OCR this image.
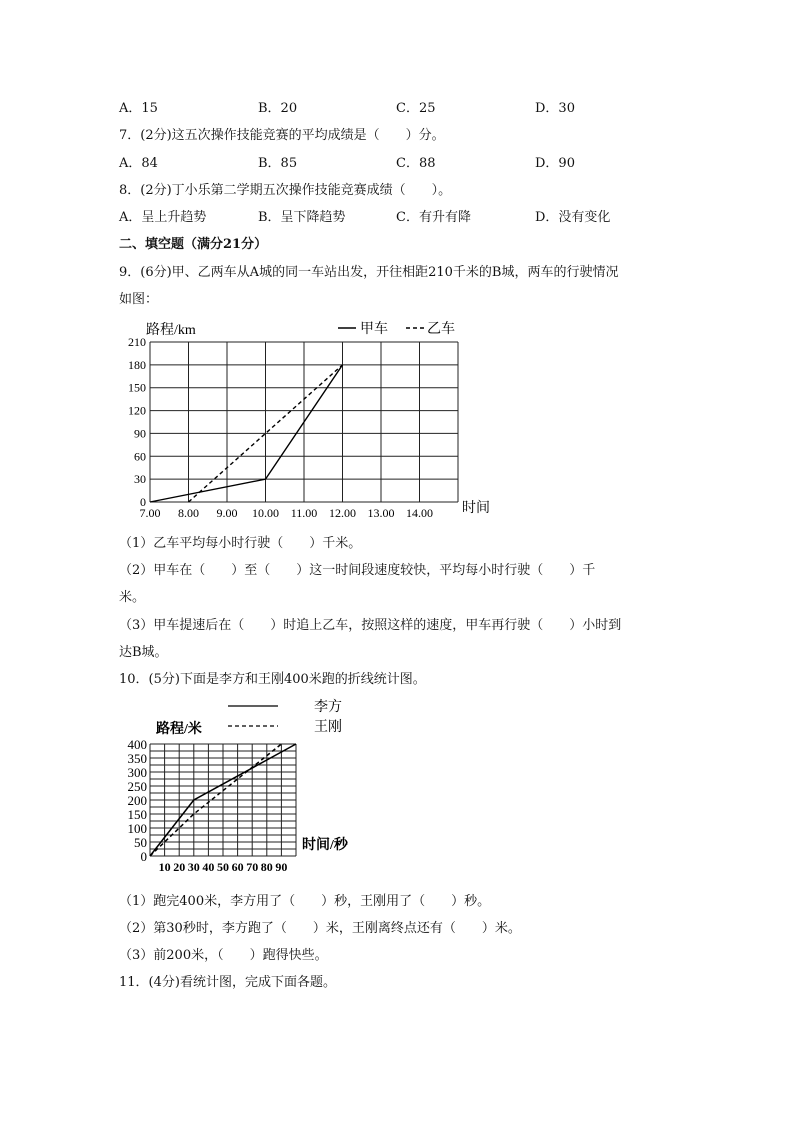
A．15	B．20	C．25	D．30
7．(2分)这五次操作技能竞赛的平均成绩是（　　）分。
A．84	B．85	C．88	D．90
8．(2分)丁小乐第二学期五次操作技能竞赛成绩（　　）。
A．呈上升趋势	B．呈下降趋势	C．有升有降	D．没有变化
二、填空题（满分21分）
9．(6分)甲、乙两车从A城的同一车站出发，开往相距210千米的B城，两车的行驶情况
如图：
0
30
60
90
120
150
180
210
7.00 8.00 9.00 10.00 11.00 12.00 13.00 14.00
路程/km
时间
甲车	乙车
（1）乙车平均每小时行驶（　　）千米。
（2）甲车在（　　）至（　　）这一时间段速度较快，平均每小时行驶（　　）千
米。
（3）甲车提速后在（　　）时追上乙车，按照这样的速度，甲车再行驶（　　）小时到
达B城。
10．(5分)下面是李方和王刚400米跑的折线统计图。
0
50
100
150
200
250
300
350
400
10 20 30 40 50 60 70 80 90
路程/米
时间/秒
李方
王刚
（1）跑完400米，李方用了（　　）秒，王刚用了（　　）秒。
（2）第30秒时，李方跑了（　　）米，王刚离终点还有（　　）米。
（3）前200米，（　　）跑得快些。
11．(4分)看统计图，完成下面各题。
